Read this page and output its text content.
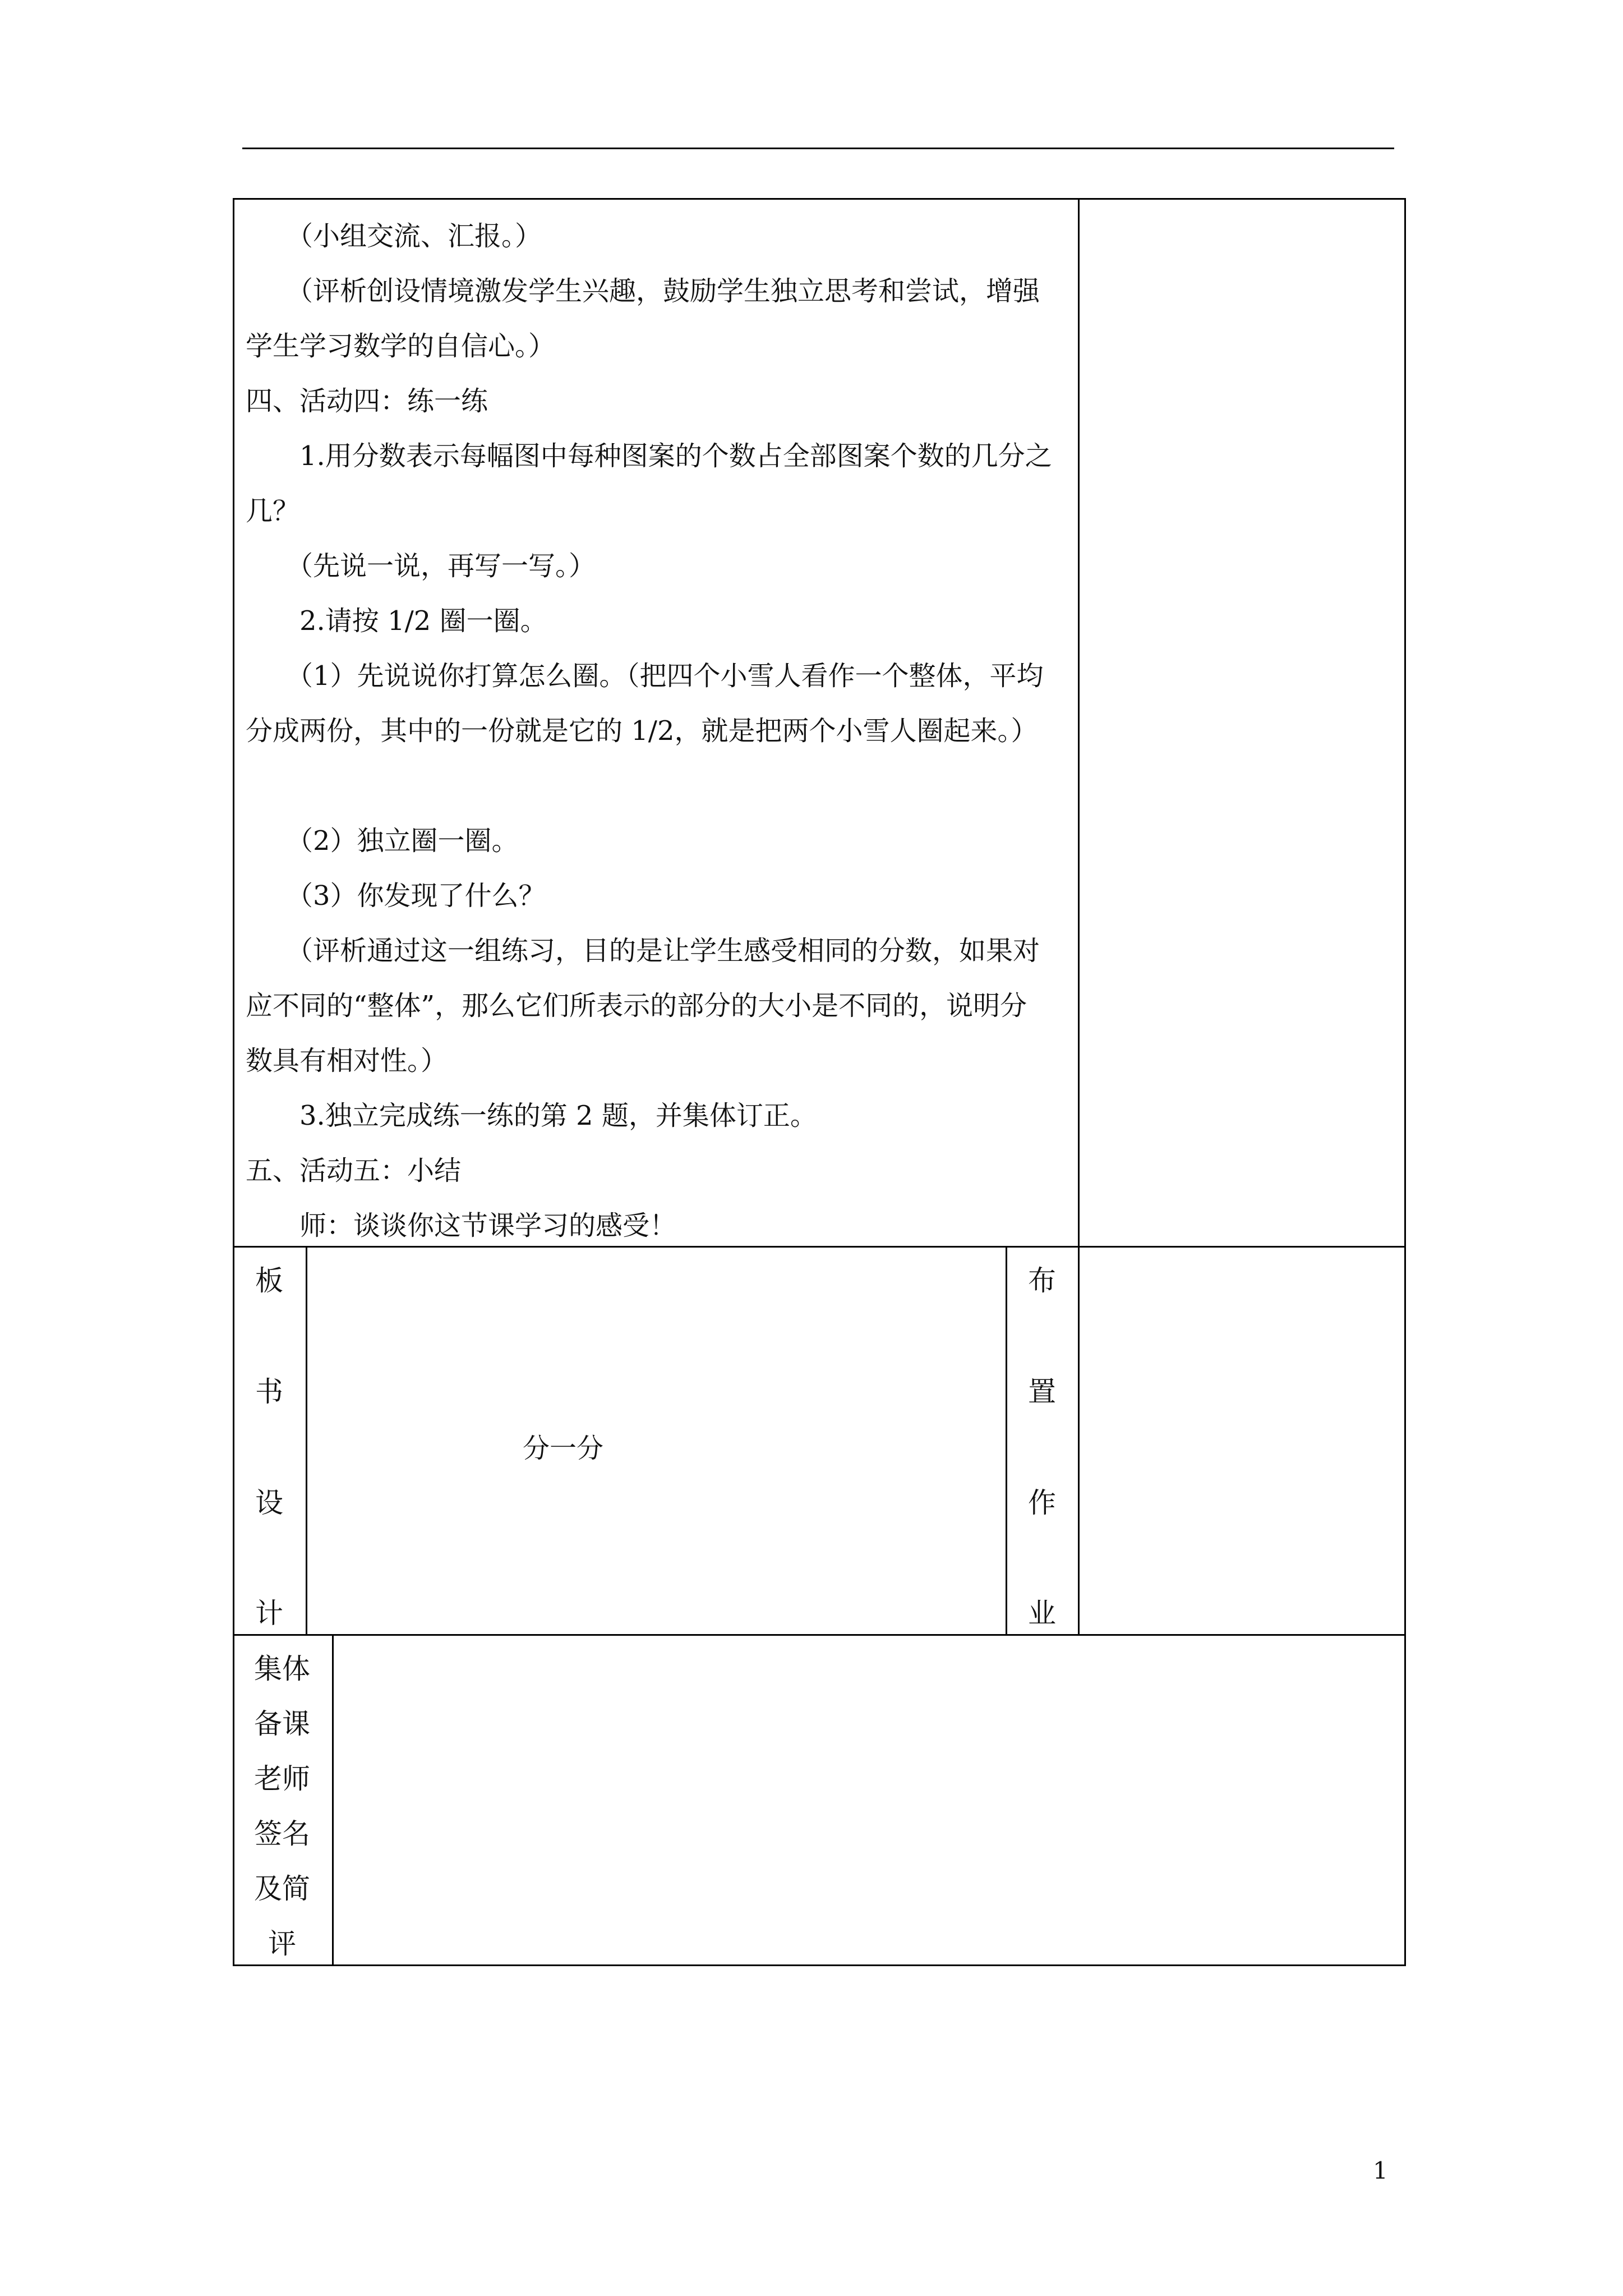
　　（小组交流、汇报。）
　　（评析创设情境激发学生兴趣，鼓励学生独立思考和尝试，增强学生学习数学的自信心。）
四、活动四：练一练
　　1.用分数表示每幅图中每种图案的个数占全部图案个数的几分之几？
　　（先说一说，再写一写。）
　　2.请按 1/2 圈一圈。
　　（1）先说说你打算怎么圈。（把四个小雪人看作一个整体，平均分成两份，其中的一份就是它的 1/2，就是把两个小雪人圈起来。）
　　（2）独立圈一圈。
　　（3）你发现了什么？
　　（评析通过这一组练习，目的是让学生感受相同的分数，如果对应不同的“整体”，那么它们所表示的部分的大小是不同的，说明分数具有相对性。）
　　3.独立完成练一练的第 2 题，并集体订正。
五、活动五：小结
　　师：谈谈你这节课学习的感受！
板
书
设
计
分一分
布
置
作
业
集体
备课
老师
签名
及简
评
1
